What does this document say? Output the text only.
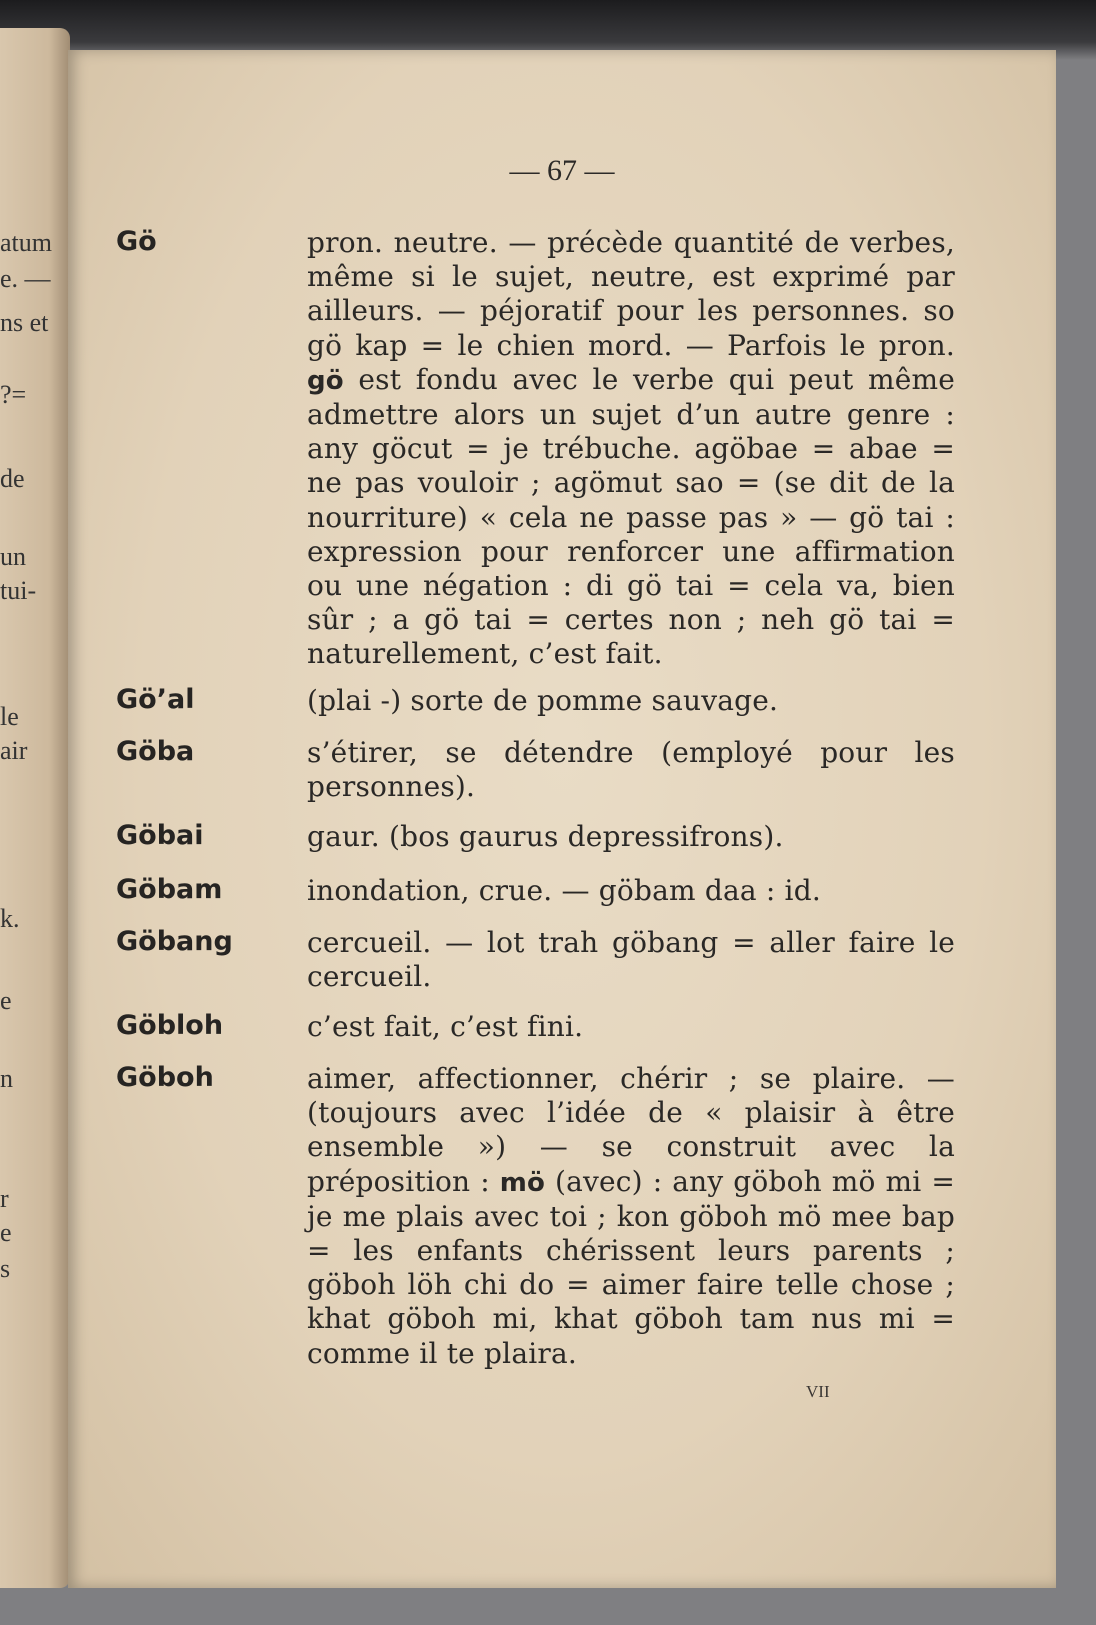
atum
e. —
ns et
?=
de
un
tui-
le
air
k.
e
n
r
e
s
— 67 —
Gö	pron. neutre. — précède quantité de verbes, même si le sujet, neutre, est exprimé par ailleurs. — péjoratif pour les personnes. so gö kap = le chien mord. — Parfois le pron. gö est fondu avec le verbe qui peut même admettre alors un sujet d’un autre genre : any göcut = je trébuche. agöbae = abae = ne pas vouloir ; agömut sao = (se dit de la nourriture) « cela ne passe pas » — gö tai : expression pour renforcer une affirmation ou une négation : di gö tai = cela va, bien sûr ; a gö tai = certes non ; neh gö tai = naturellement, c’est fait.
Gö’al	(plai -) sorte de pomme sauvage.
Göba	s’étirer, se détendre (employé pour les personnes).
Göbai	gaur. (bos gaurus depressifrons).
Göbam	inondation, crue. — göbam daa : id.
Göbang	cercueil. — lot trah göbang = aller faire le cercueil.
Göbloh	c’est fait, c’est fini.
Göboh	aimer, affectionner, chérir ; se plaire. — (toujours avec l’idée de « plaisir à être ensemble ») — se construit avec la préposition : mö (avec) : any göboh mö mi = je me plais avec toi ; kon göboh mö mee bap = les enfants chérissent leurs parents ; göboh löh chi do = aimer faire telle chose ; khat göboh mi, khat göboh tam nus mi = comme il te plaira.
VII
